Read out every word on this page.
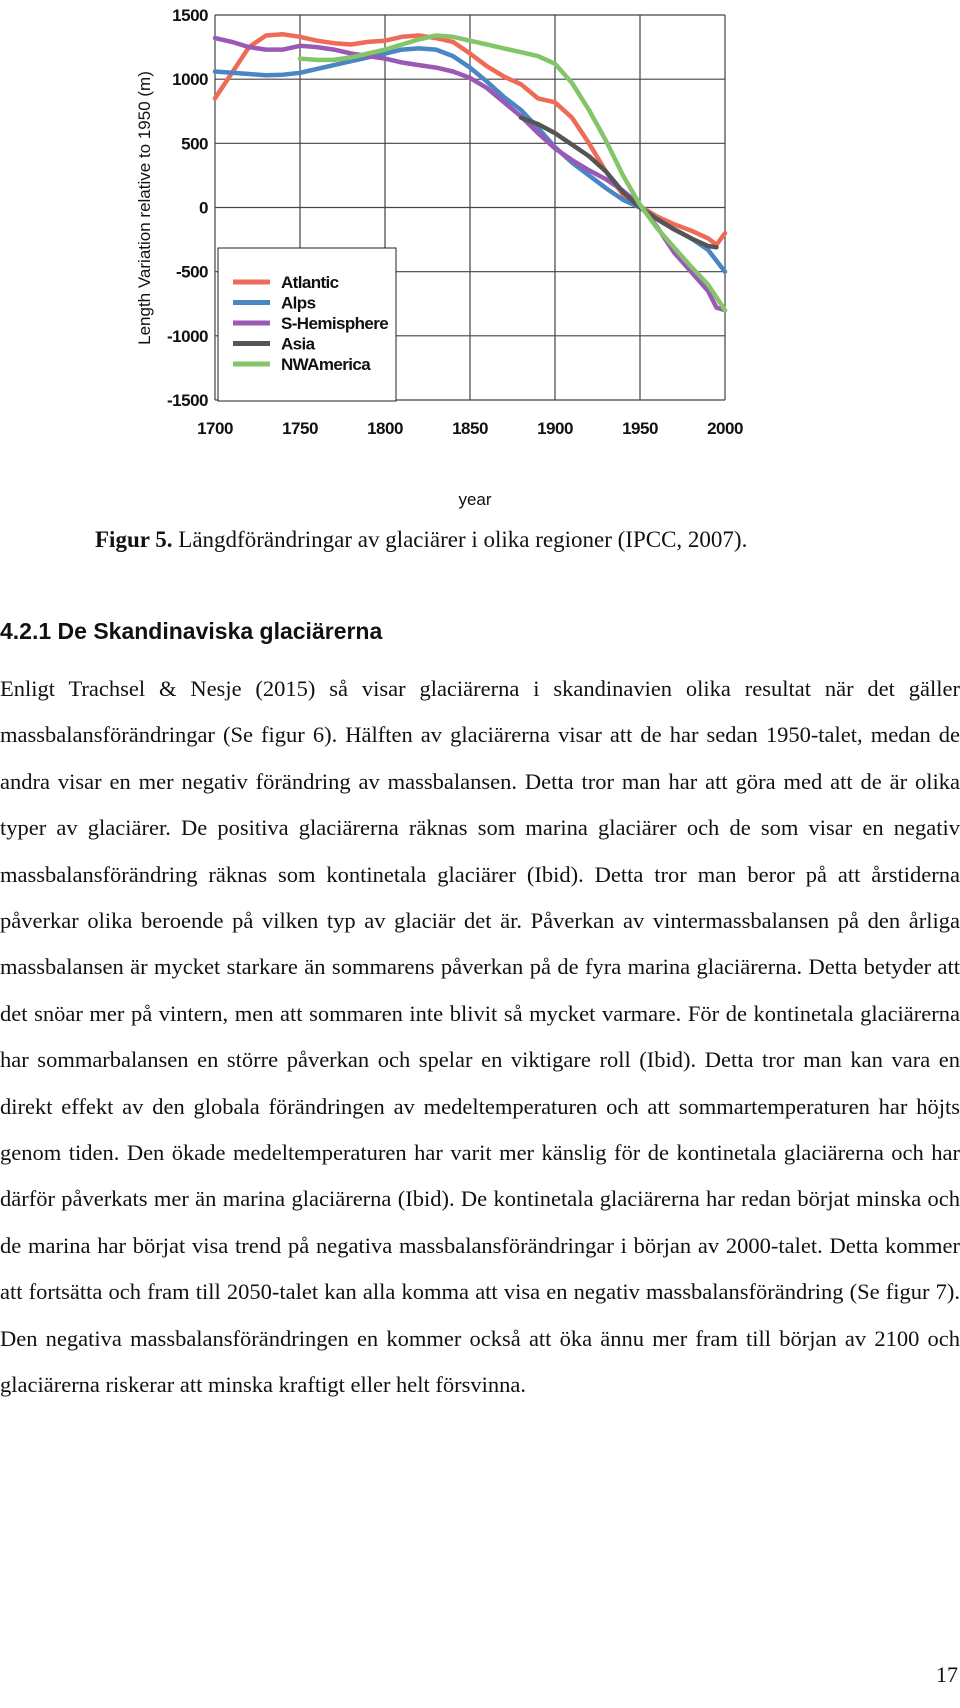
1700	1750	1800	1850	1900	1950	2000
1500
1000
500
0
-500
-1000
-1500
year
Length Variation relative to 1950 (m)	Atlantic
Alps
S-Hemisphere
Asia
NWAmerica
Figur 5. Längdförändringar av glaciärer i olika regioner (IPCC, 2007).
4.2.1 De Skandinaviska glaciärerna

Enligt Trachsel & Nesje (2015) så visar glaciärerna i skandinavien olika resultat när det gäller massbalansförändringar (Se figur 6). Hälften av glaciärerna visar att de har sedan 1950-talet, medan de andra visar en mer negativ förändring av massbalansen. Detta tror man har att göra med att de är olika typer av glaciärer. De positiva glaciärerna räknas som marina glaciärer och de som visar en negativ massbalansförändring räknas som kontinetala glaciärer (Ibid). Detta tror man beror på att årstiderna påverkar olika beroende på vilken typ av glaciär det är. Påverkan av vintermassbalansen på den årliga massbalansen är mycket starkare än sommarens påverkan på de fyra marina glaciärerna. Detta betyder att det snöar mer på vintern, men att sommaren inte blivit så mycket varmare. För de kontinetala glaciärerna har sommarbalansen en större påverkan och spelar en viktigare roll (Ibid). Detta tror man kan vara en direkt effekt av den globala förändringen av medeltemperaturen och att sommartemperaturen har höjts genom tiden. Den ökade medeltemperaturen har varit mer känslig för de kontinetala glaciärerna och har därför påverkats mer än marina glaciärerna (Ibid). De kontinetala glaciärerna har redan börjat minska och de marina har börjat visa trend på negativa massbalansförändringar i början av 2000-talet. Detta kommer att fortsätta och fram till 2050-talet kan alla komma att visa en negativ massbalansförändring (Se figur 7). Den negativa massbalansförändringen en kommer också att öka ännu mer fram till början av 2100 och glaciärerna riskerar att minska kraftigt eller helt försvinna.

17
